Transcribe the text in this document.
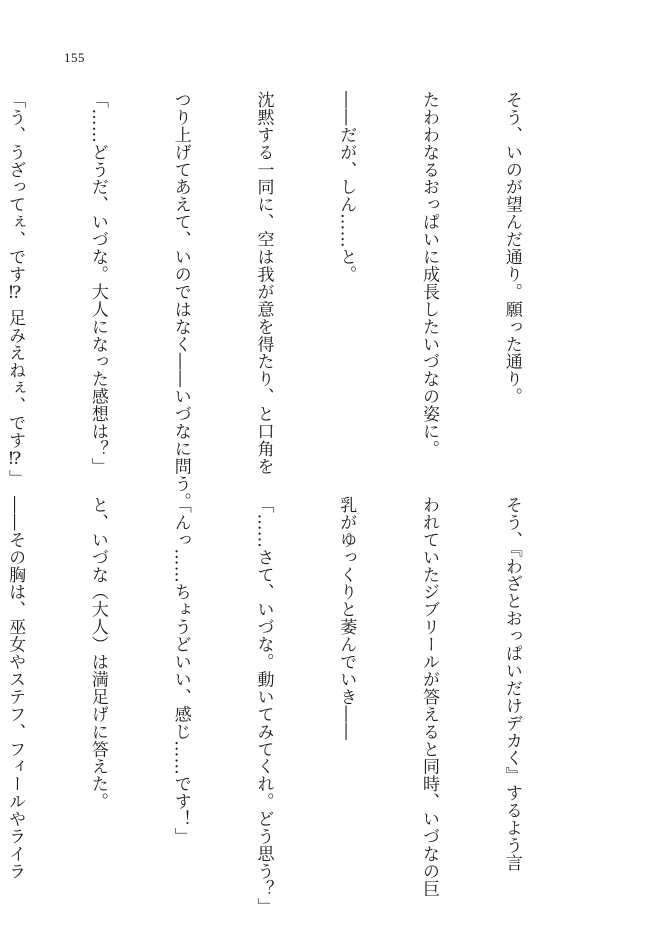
155

そう、いのが望んだ通り。願った通り。

たわわなるおっぱいに成長したいづなの姿に。

――だが、しん……と。

沈黙する一同に、空は我が意を得たり、と口角を

つり上げてあえて、いのではなく――いづなに問う。

「……どうだ、いづな。大人になった感想は？」

「う、うざってぇ、です⁉ 足みえねぇ、です⁉」

そう、『わざとおっぱいだけデカく』するよう言

われていたジブリールが答えると同時、いづなの巨

乳がゆっくりと萎んでいき――

「……さて、いづな。動いてみてくれ。どう思う？」

「んっ……ちょうどいい、感じ……です！」

と、いづな（大人）は満足げに答えた。

――その胸は、巫女やステフ、フィールやライラ
